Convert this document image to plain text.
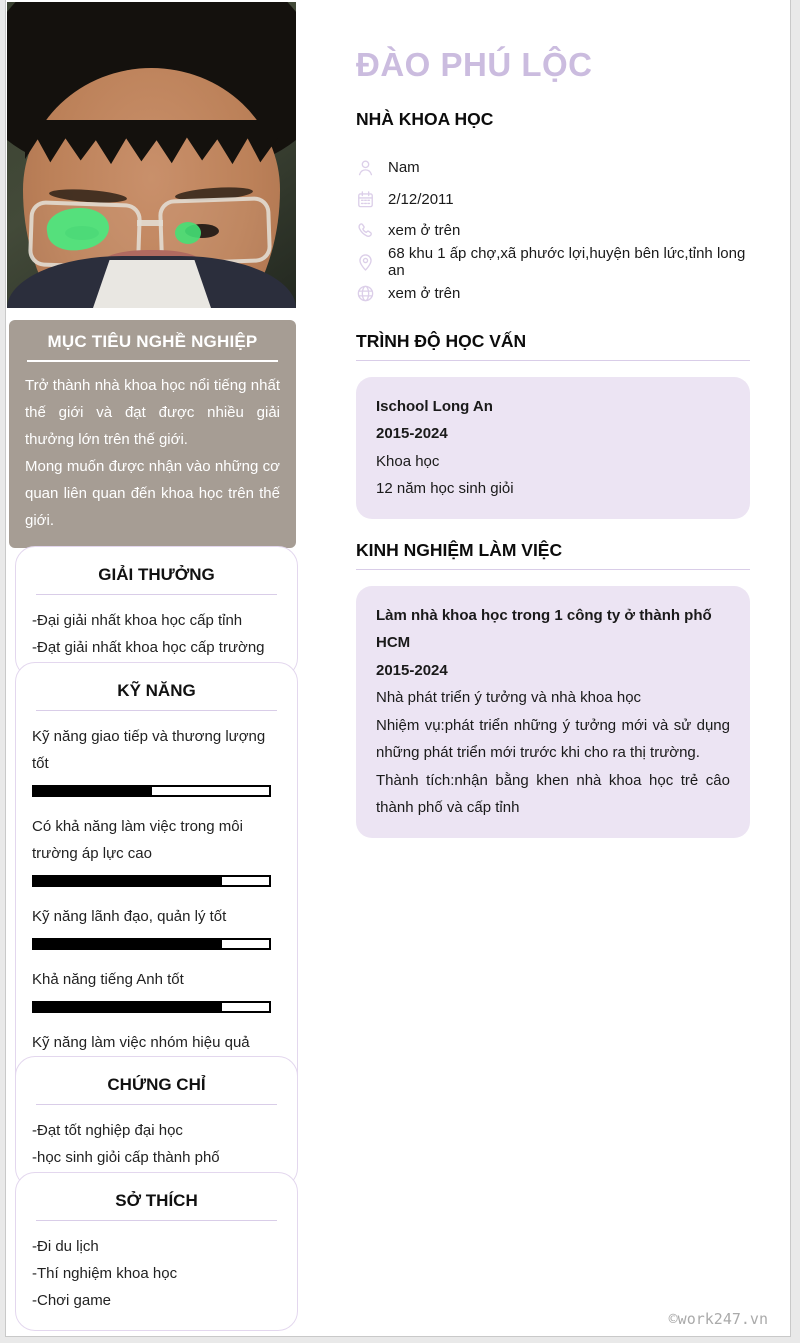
MỤC TIÊU NGHỀ NGHIỆP

Trở thành nhà khoa học nổi tiếng nhất thế giới và đạt được nhiều giải thưởng lớn trên thế giới.

Mong muốn được nhận vào những cơ quan liên quan đến khoa học trên thế giới.

GIẢI THƯỞNG
-Đại giải nhất khoa học cấp tỉnh
-Đạt giải nhất khoa học cấp trường
KỸ NĂNG
Kỹ năng giao tiếp và thương lượng tốt
Có khả năng làm việc trong môi trường áp lực cao
Kỹ năng lãnh đạo, quản lý tốt
Khả năng tiếng Anh tốt
Kỹ năng làm việc nhóm hiệu quả
CHỨNG CHỈ
-Đạt tốt nghiệp đại học
-học sinh giỏi cấp thành phố
SỞ THÍCH
-Đi du lịch
-Thí nghiệm khoa học
-Chơi game
ĐÀO PHÚ LỘC
NHÀ KHOA HỌC
Nam
2/12/2011
xem ở trên
68 khu 1 ấp chợ,xã phước lợi,huyện bên lức,tỉnh long an
xem ở trên
TRÌNH ĐỘ HỌC VẤN
Ischool Long An
2015-2024
Khoa học
12 năm học sinh giỏi
KINH NGHIỆM LÀM VIỆC
Làm nhà khoa học trong 1 công ty ở thành phố HCM
2015-2024
Nhà phát triển ý tưởng và nhà khoa học
Nhiệm vụ:phát triển những ý tưởng mới và sử dụng những phát triển mới trước khi cho ra thị trường.
Thành tích:nhận bằng khen nhà khoa học trẻ câo thành phố và cấp tỉnh
©work247.vn
